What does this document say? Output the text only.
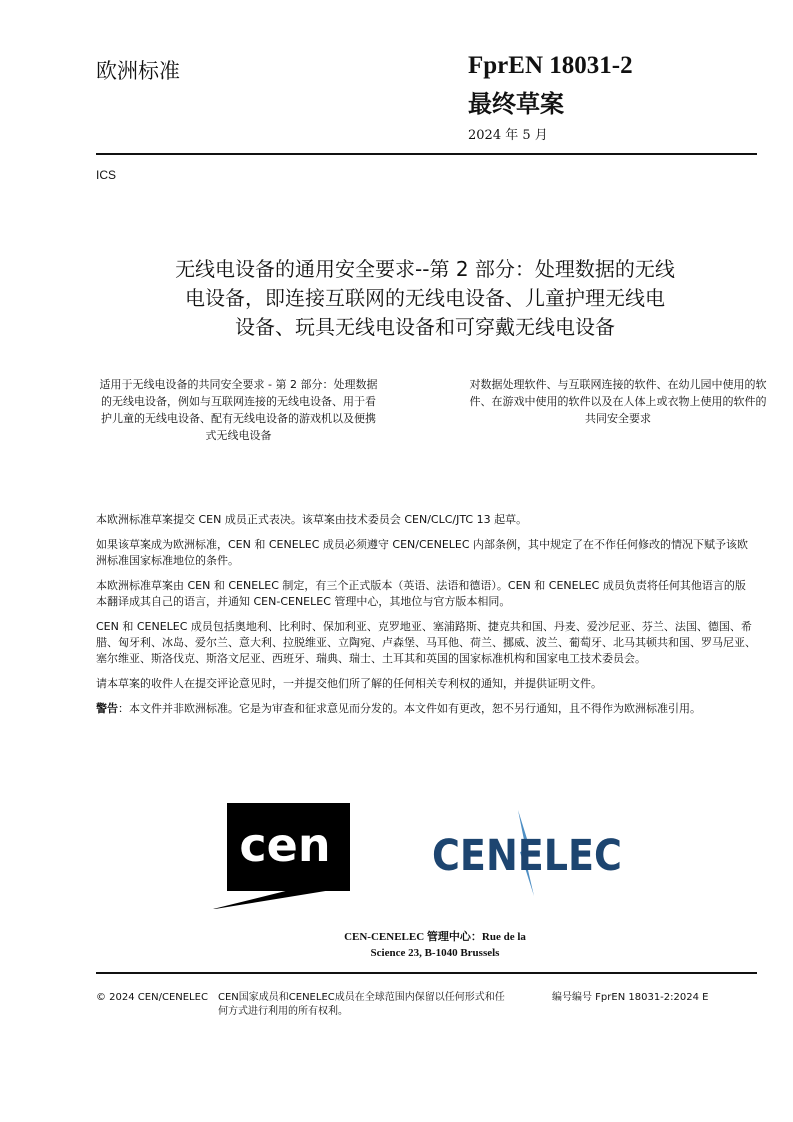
欧洲标准	FprEN 18031-2
最终草案
2024 年 5 月
ICS
无线电设备的通用安全要求--第 2 部分：处理数据的无线
电设备，即连接互联网的无线电设备、儿童护理无线电
设备、玩具无线电设备和可穿戴无线电设备
适用于无线电设备的共同安全要求 - 第 2 部分：处理数据的无线电设备，例如与互联网连接的无线电设备、用于看护儿童的无线电设备、配有无线电设备的游戏机以及便携式无线电设备
对数据处理软件、与互联网连接的软件、在幼儿园中使用的软件、在游戏中使用的软件以及在人体上或衣物上使用的软件的共同安全要求

本欧洲标准草案提交 CEN 成员正式表决。该草案由技术委员会 CEN/CLC/JTC 13 起草。

如果该草案成为欧洲标准，CEN 和 CENELEC 成员必须遵守 CEN/CENELEC 内部条例，其中规定了在不作任何修改的情况下赋予该欧洲标准国家标准地位的条件。

本欧洲标准草案由 CEN 和 CENELEC 制定，有三个正式版本（英语、法语和德语）。CEN 和 CENELEC 成员负责将任何其他语言的版本翻译成其自己的语言，并通知 CEN-CENELEC 管理中心，其地位与官方版本相同。

CEN 和 CENELEC 成员包括奥地利、比利时、保加利亚、克罗地亚、塞浦路斯、捷克共和国、丹麦、爱沙尼亚、芬兰、法国、德国、希腊、匈牙利、冰岛、爱尔兰、意大利、拉脱维亚、立陶宛、卢森堡、马耳他、荷兰、挪威、波兰、葡萄牙、北马其顿共和国、罗马尼亚、塞尔维亚、斯洛伐克、斯洛文尼亚、西班牙、瑞典、瑞士、土耳其和英国的国家标准机构和国家电工技术委员会。

请本草案的收件人在提交评论意见时，一并提交他们所了解的任何相关专利权的通知，并提供证明文件。

警告：本文件并非欧洲标准。它是为审查和征求意见而分发的。本文件如有更改，恕不另行通知，且不得作为欧洲标准引用。

cen CENELEC
CEN-CENELEC 管理中心：Rue de la
Science 23, B-1040 Brussels
© 2024 CEN/CENELEC CEN国家成员和CENELEC成员在全球范围内保留以任何形式和任何方式进行利用的所有权利。
编号编号 FprEN 18031-2:2024 E
